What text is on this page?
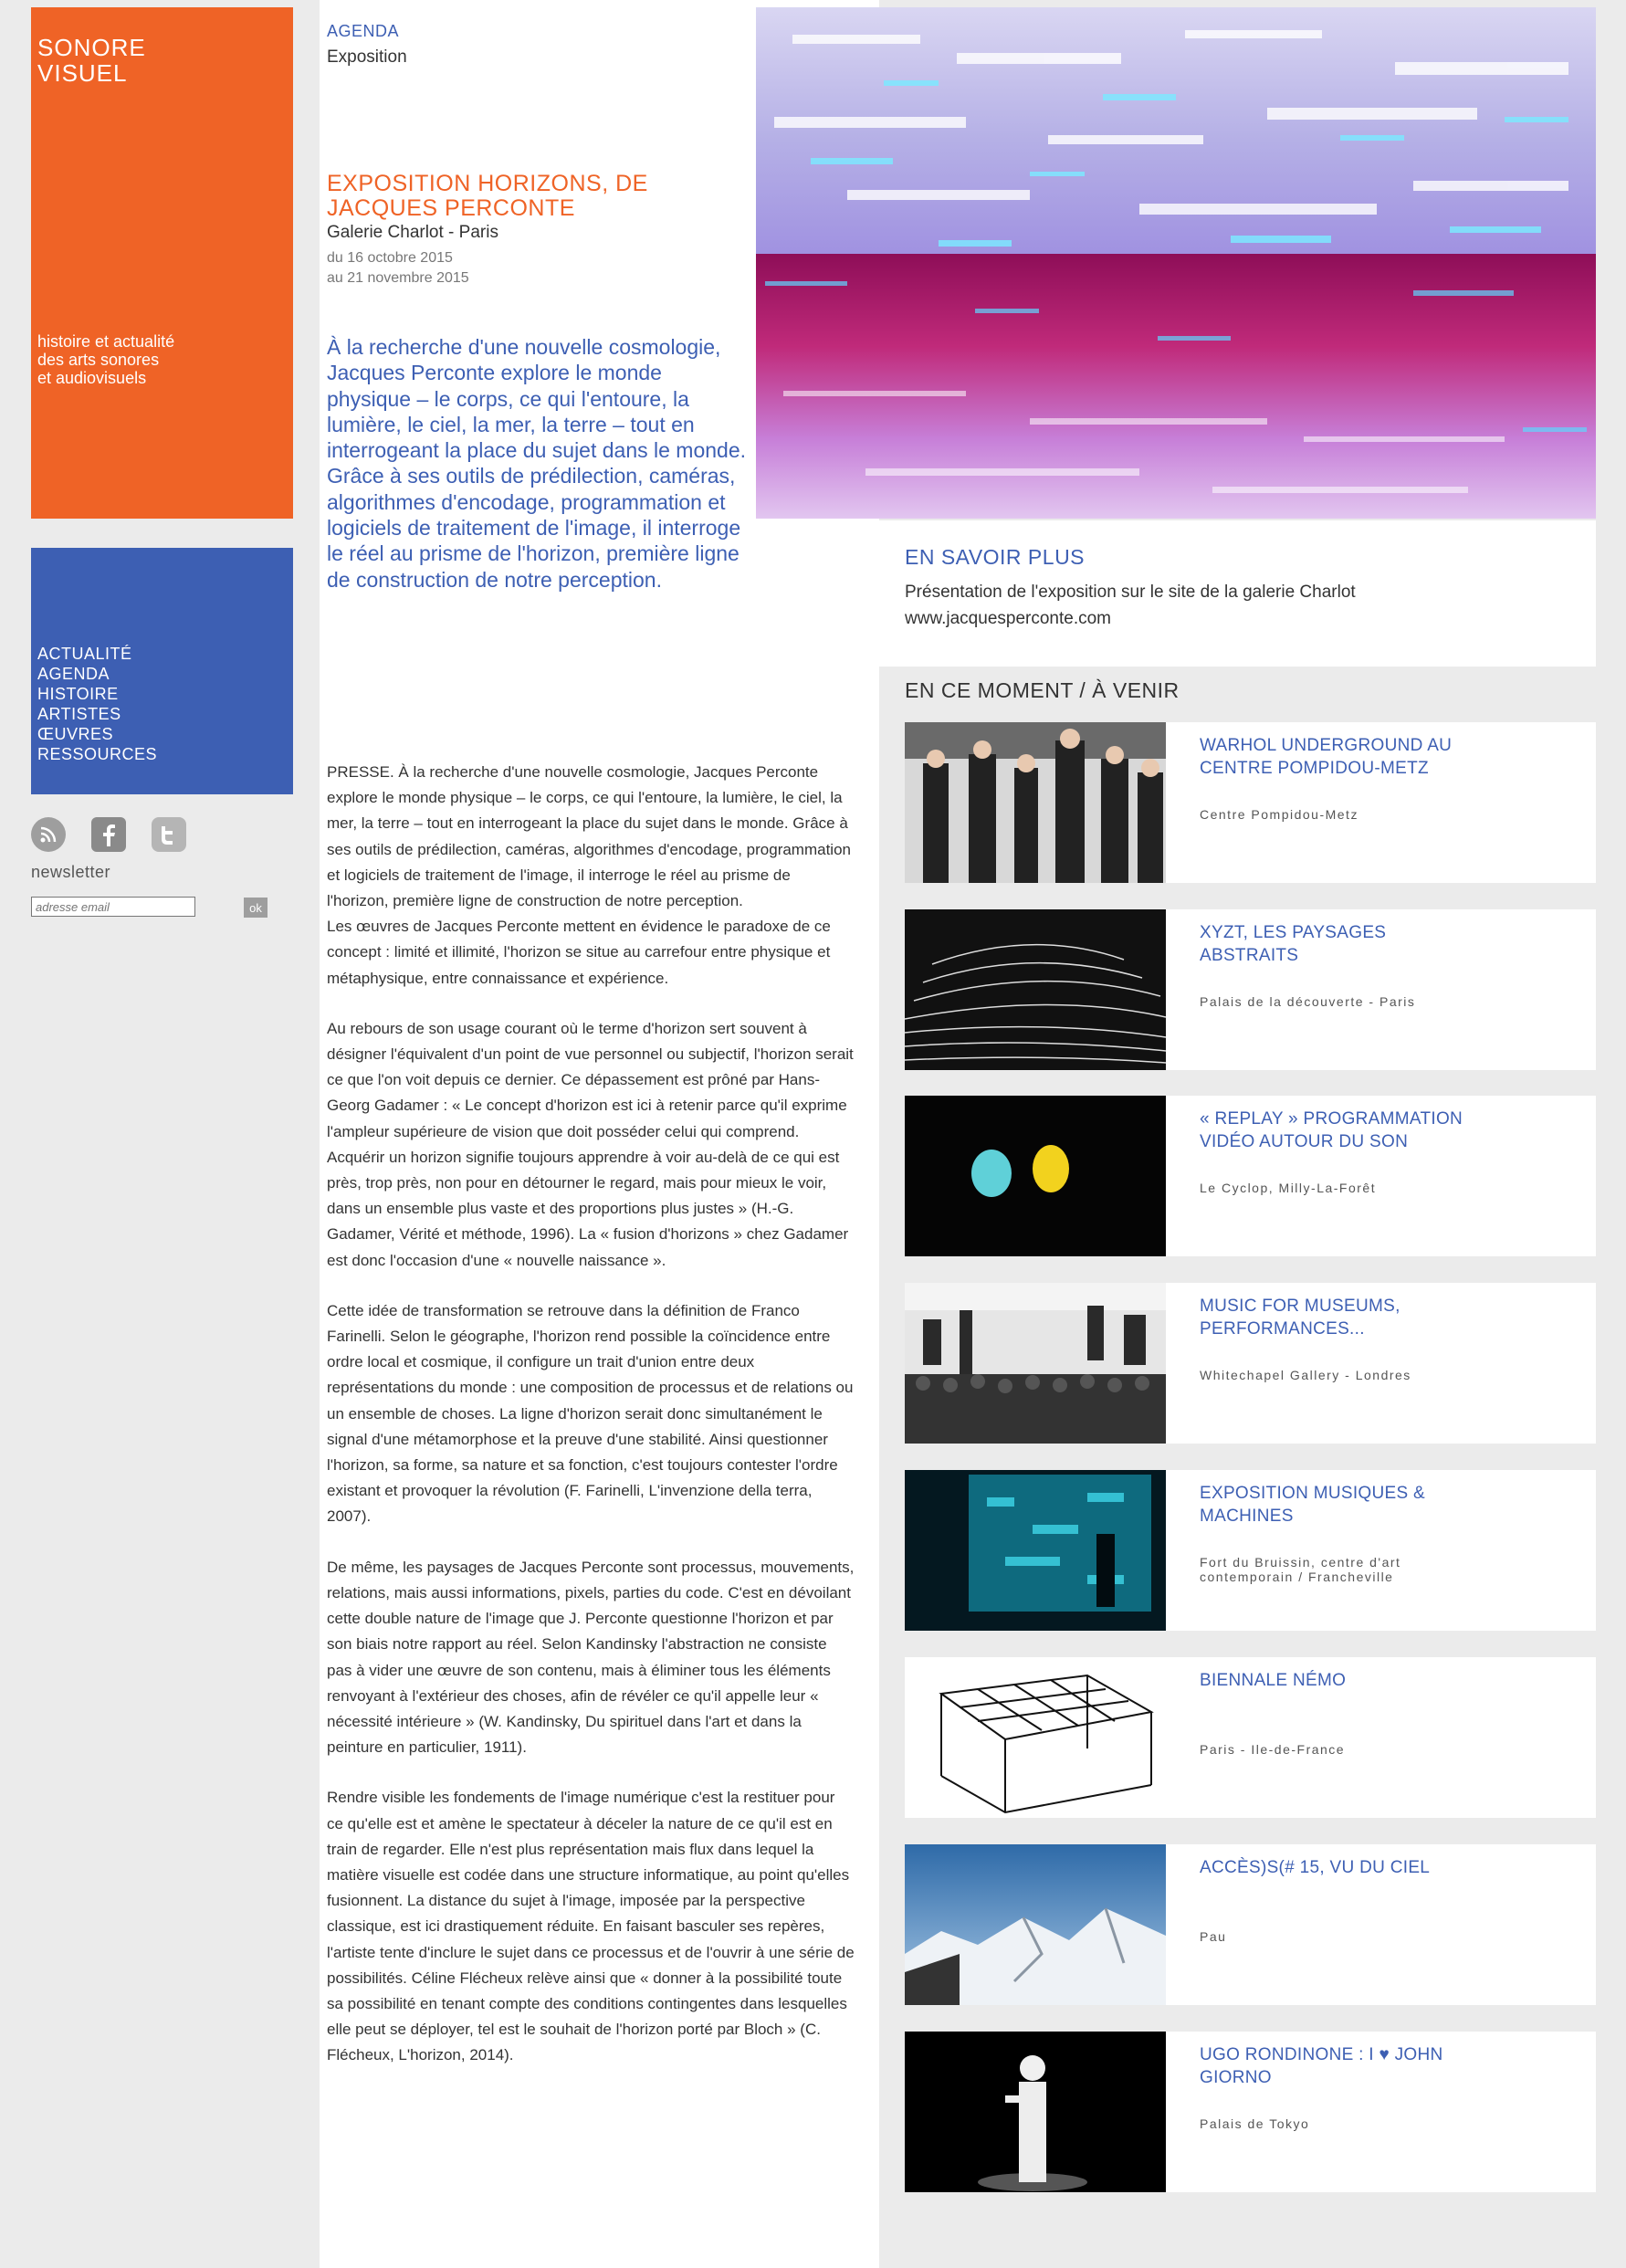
SONORE
VISUEL
histoire et actualité
des arts sonores
et audiovisuels
ACTUALITÉ
AGENDA
HISTOIRE
ARTISTES
ŒUVRES
RESSOURCES
newsletter
adresse email
ok
AGENDA
Exposition
EXPOSITION HORIZONS, DE JACQUES PERCONTE
Galerie Charlot - Paris
du 16 octobre 2015
au 21 novembre 2015

À la recherche d'une nouvelle cosmologie, Jacques Perconte explore le monde physique – le corps, ce qui l'entoure, la lumière, le ciel, la mer, la terre – tout en interrogeant la place du sujet dans le monde. Grâce à ses outils de prédilection, caméras, algorithmes d'encodage, programmation et logiciels de traitement de l'image, il interroge le réel au prisme de l'horizon, première ligne de construction de notre perception.

PRESSE. À la recherche d'une nouvelle cosmologie, Jacques Perconte explore le monde physique – le corps, ce qui l'entoure, la lumière, le ciel, la mer, la terre – tout en interrogeant la place du sujet dans le monde. Grâce à ses outils de prédilection, caméras, algorithmes d'encodage, programmation et logiciels de traitement de l'image, il interroge le réel au prisme de l'horizon, première ligne de construction de notre perception.
Les œuvres de Jacques Perconte mettent en évidence le paradoxe de ce concept : limité et illimité, l'horizon se situe au carrefour entre physique et métaphysique, entre connaissance et expérience.

Au rebours de son usage courant où le terme d'horizon sert souvent à désigner l'équivalent d'un point de vue personnel ou subjectif, l'horizon serait ce que l'on voit depuis ce dernier. Ce dépassement est prôné par Hans-Georg Gadamer : « Le concept d'horizon est ici à retenir parce qu'il exprime l'ampleur supérieure de vision que doit posséder celui qui comprend. Acquérir un horizon signifie toujours apprendre à voir au-delà de ce qui est près, trop près, non pour en détourner le regard, mais pour mieux le voir, dans un ensemble plus vaste et des proportions plus justes » (H.-G. Gadamer, Vérité et méthode, 1996). La « fusion d'horizons » chez Gadamer est donc l'occasion d'une « nouvelle naissance ».

Cette idée de transformation se retrouve dans la définition de Franco Farinelli. Selon le géographe, l'horizon rend possible la coïncidence entre ordre local et cosmique, il configure un trait d'union entre deux représentations du monde : une composition de processus et de relations ou un ensemble de choses. La ligne d'horizon serait donc simultanément le signal d'une métamorphose et la preuve d'une stabilité. Ainsi questionner l'horizon, sa forme, sa nature et sa fonction, c'est toujours contester l'ordre existant et provoquer la révolution (F. Farinelli, L'invenzione della terra, 2007).

De même, les paysages de Jacques Perconte sont processus, mouvements, relations, mais aussi informations, pixels, parties du code. C'est en dévoilant cette double nature de l'image que J. Perconte questionne l'horizon et par son biais notre rapport au réel. Selon Kandinsky l'abstraction ne consiste pas à vider une œuvre de son contenu, mais à éliminer tous les éléments renvoyant à l'extérieur des choses, afin de révéler ce qu'il appelle leur « nécessité intérieure » (W. Kandinsky, Du spirituel dans l'art et dans la peinture en particulier, 1911).

Rendre visible les fondements de l'image numérique c'est la restituer pour ce qu'elle est et amène le spectateur à déceler la nature de ce qu'il est en train de regarder. Elle n'est plus représentation mais flux dans lequel la matière visuelle est codée dans une structure informatique, au point qu'elles fusionnent. La distance du sujet à l'image, imposée par la perspective classique, est ici drastiquement réduite. En faisant basculer ses repères, l'artiste tente d'inclure le sujet dans ce processus et de l'ouvrir à une série de possibilités. Céline Flécheux relève ainsi que « donner à la possibilité toute sa possibilité en tenant compte des conditions contingentes dans lesquelles elle peut se déployer, tel est le souhait de l'horizon porté par Bloch » (C. Flécheux, L'horizon, 2014).

EN SAVOIR PLUS
Présentation de l'exposition sur le site de la galerie Charlot
www.jacquesperconte.com
EN CE MOMENT / À VENIR
WARHOL UNDERGROUND AU CENTRE POMPIDOU-METZ
Centre Pompidou-Metz
XYZT, LES PAYSAGES ABSTRAITS
Palais de la découverte - Paris
« REPLAY » PROGRAMMATION VIDÉO AUTOUR DU SON
Le Cyclop, Milly-La-Forêt
MUSIC FOR MUSEUMS, PERFORMANCES...
Whitechapel Gallery - Londres
EXPOSITION MUSIQUES & MACHINES
Fort du Bruissin, centre d'art contemporain / Francheville
BIENNALE NÉMO
Paris - Ile-de-France
ACCÈS)S(# 15, VU DU CIEL
Pau
UGO RONDINONE : I ♥ JOHN GIORNO
Palais de Tokyo
